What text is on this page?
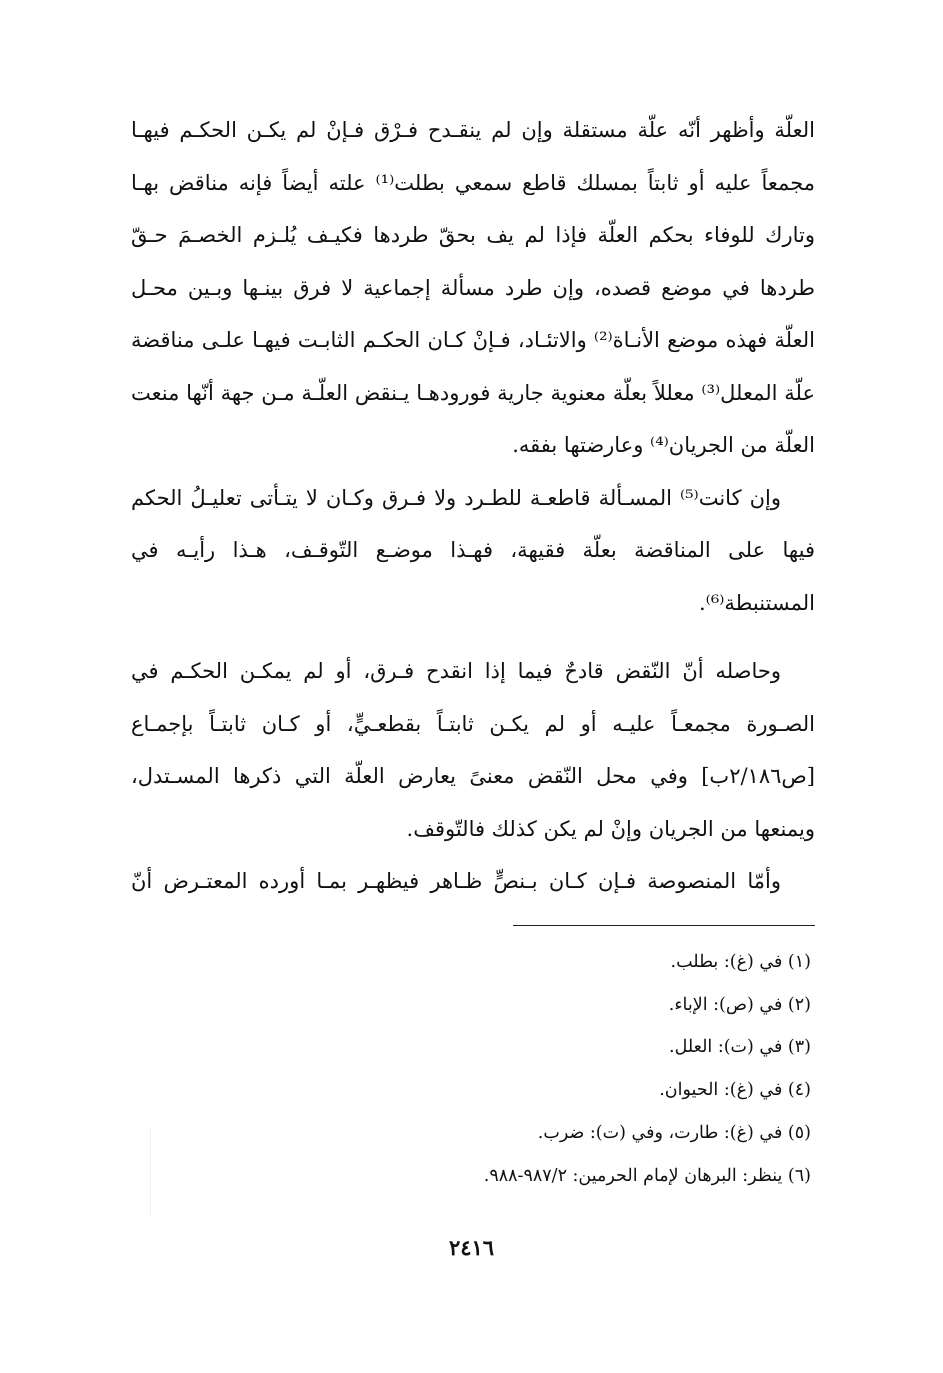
العلّة وأظهر أنّه علّة مستقلة وإن لم ينقـدح فـرْق فـإنْ لم يكـن الحكـم فيهـا مجمعاً عليه أو ثابتاً بمسلك قاطع سمعي بطلت⁽¹⁾ علته أيضاً فإنه مناقض بهـا وتارك للوفاء بحكم العلّة فإذا لم يف بحقّ طردها فكيـف يُلـزم الخصـمَ حـقّ طردها في موضع قصده، وإن طرد مسألة إجماعية لا فرق بينـها وبـين محـل العلّة فهذه موضع الأنـاة⁽²⁾ والاتئـاد، فـإنْ كـان الحكـم الثابـت فيهـا علـى مناقضة علّة المعلل⁽³⁾ معللاً بعلّة معنوية جارية فورودهـا يـنقض العلّـة مـن جهة أنّها منعت العلّة من الجريان⁽⁴⁾ وعارضتها بفقه.

وإن كانت⁽⁵⁾ المسـألة قاطعـة للطـرد ولا فـرق وكـان لا يتـأتى تعليـلُ الحكم فيها على المناقضة بعلّة فقيهة، فهـذا موضـع التّوقـف، هـذا رأيـه في المستنبطة⁽⁶⁾.

وحاصله أنّ النّقض قادحٌ فيما إذا انقدح فـرق، أو لم يمكـن الحكـم في الصـورة مجمعـاً عليـه أو لم يكـن ثابتـاً بقطعـيٍّ، أو كـان ثابتـاً بإجمـاع [ص٢/١٨٦ب] وفي محل النّقض معنىً يعارض العلّة التي ذكرها المسـتدل، ويمنعها من الجريان وإنْ لم يكن كذلك فالتّوقف.

وأمّا المنصوصة فـإن كـان بـنصٍّ ظـاهر فيظهـر بمـا أورده المعتـرض أنّ

(١) في (غ): بطلب.

(٢) في (ص): الإباء.

(٣) في (ت): العلل.

(٤) في (غ): الحيوان.

(٥) في (غ): طارت، وفي (ت): ضرب.

(٦) ينظر: البرهان لإمام الحرمين: ٩٨٧/٢-٩٨٨.

٢٤١٦
